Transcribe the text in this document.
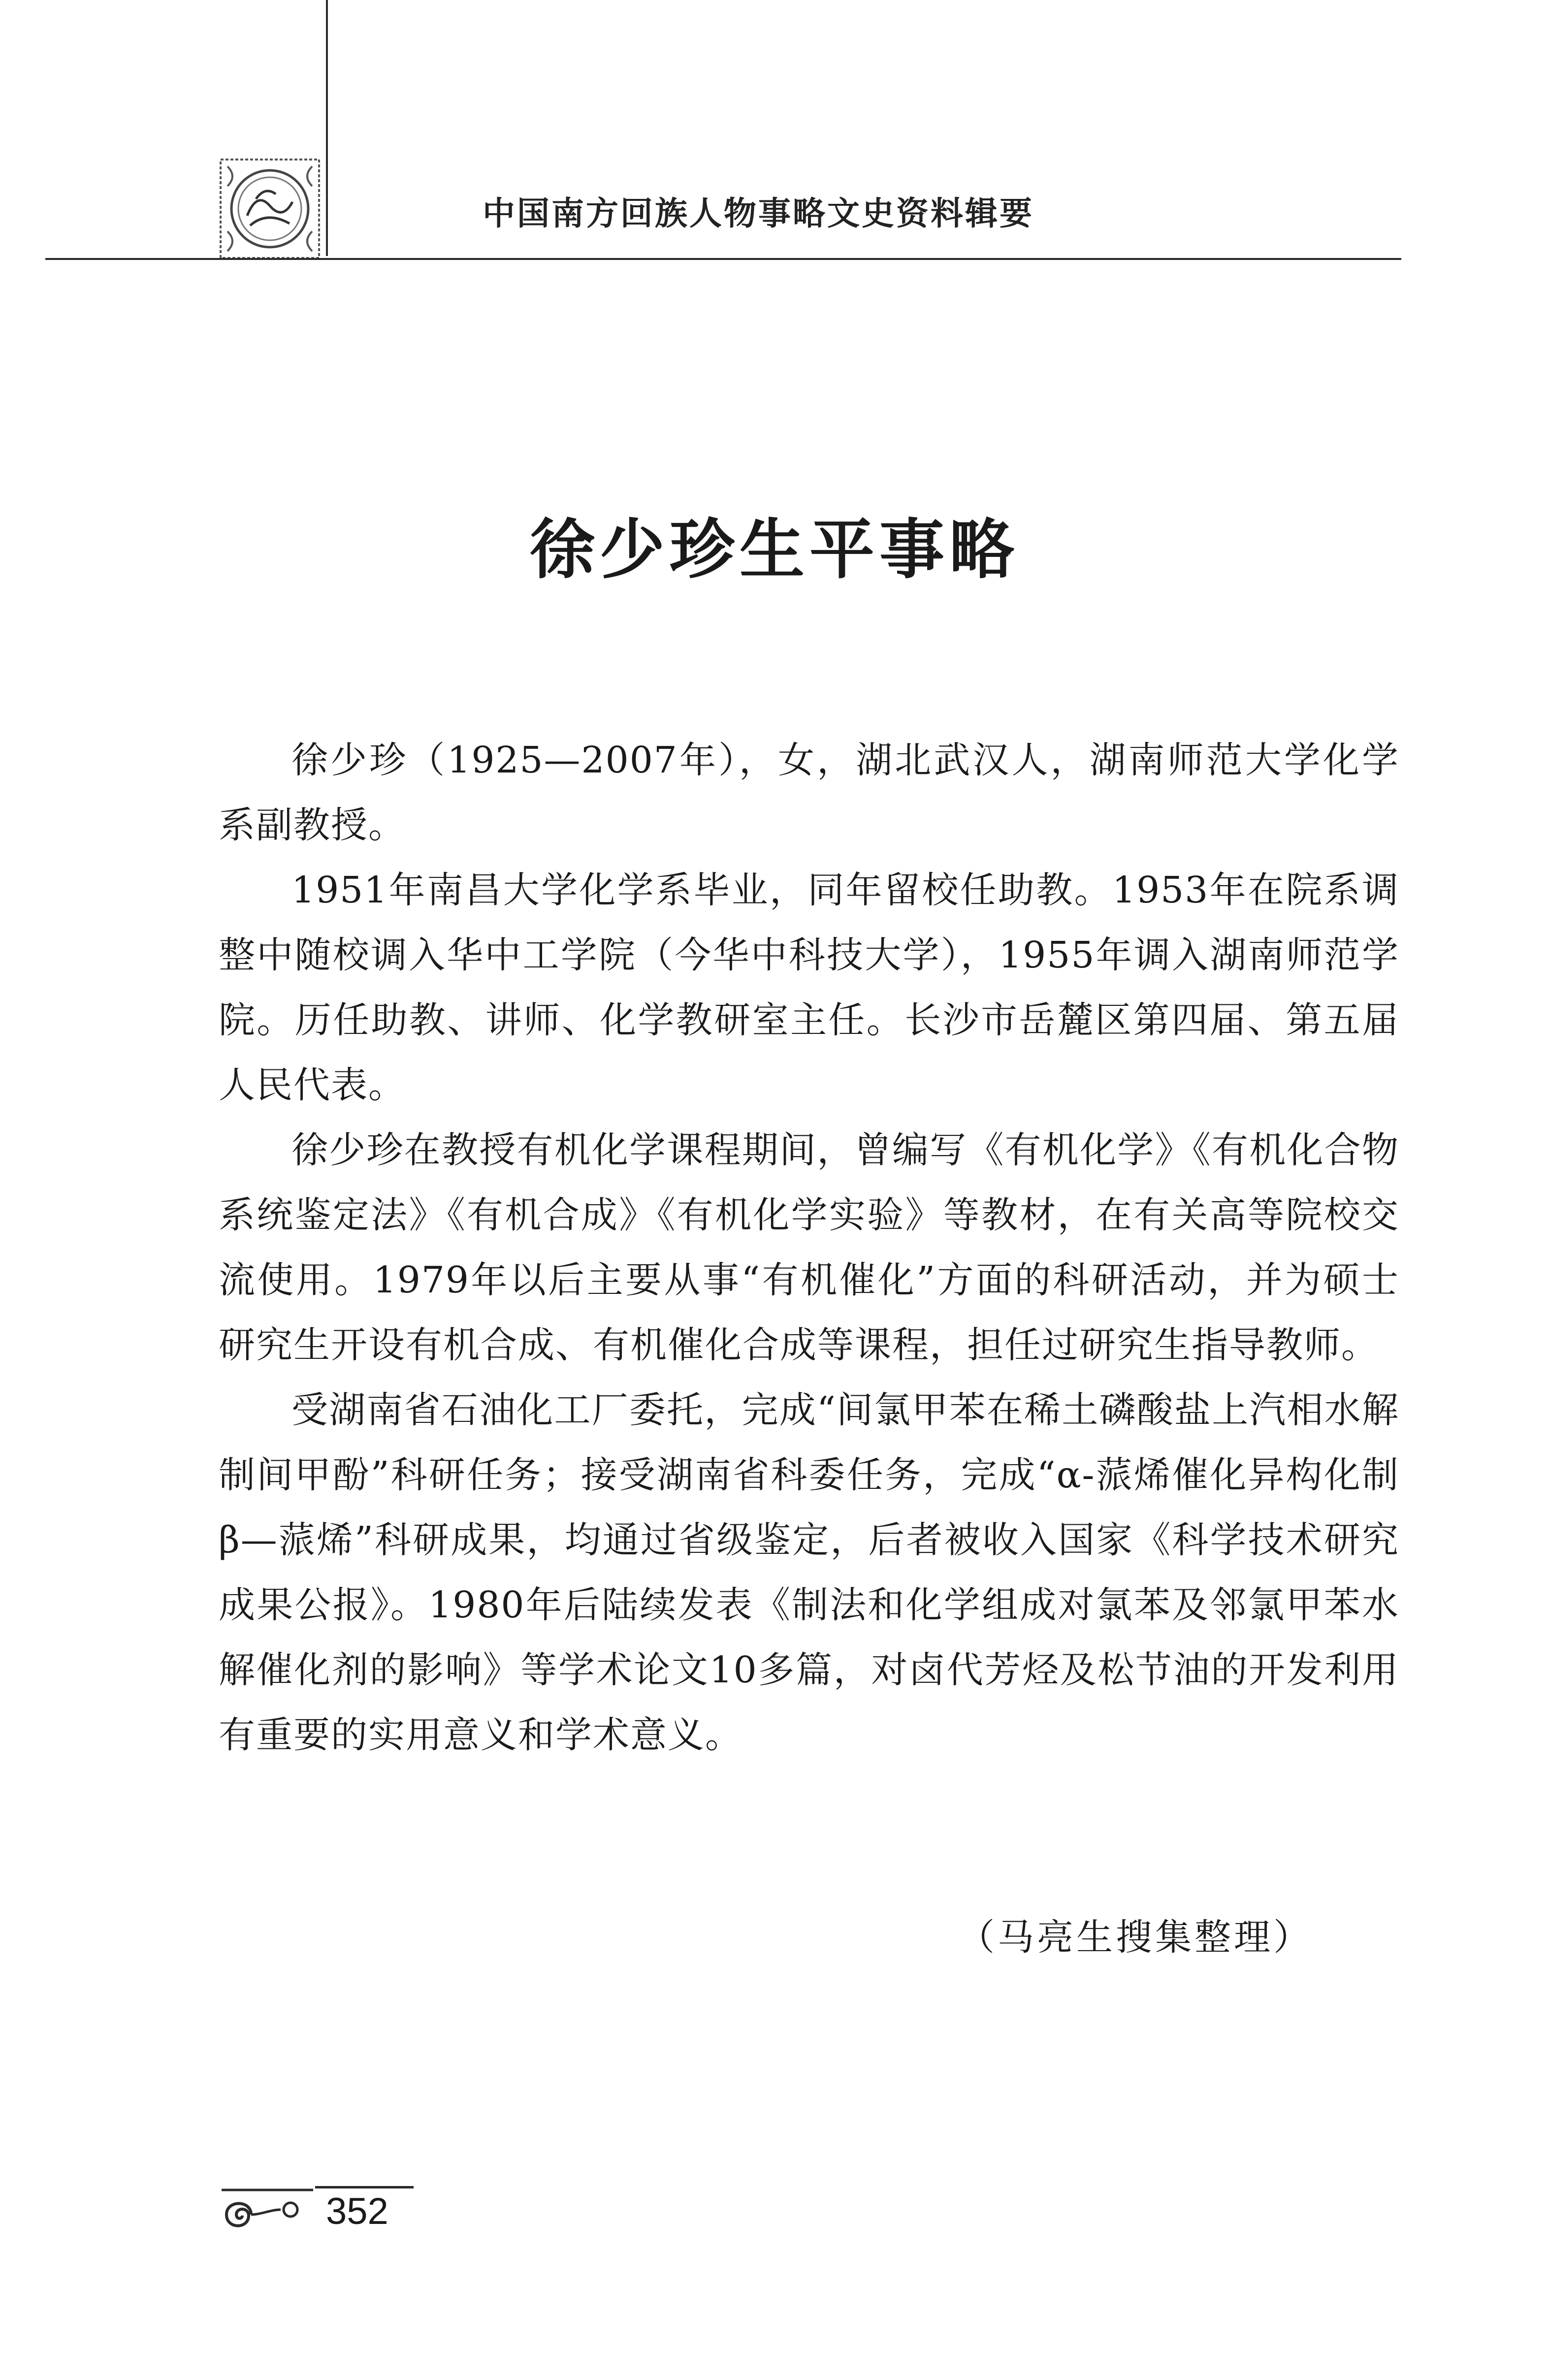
中国南方回族人物事略文史资料辑要
徐少珍生平事略

徐少珍（1925—2007年），女，湖北武汉人，湖南师范大学化学系副教授。

1951年南昌大学化学系毕业，同年留校任助教。1953年在院系调整中随校调入华中工学院（今华中科技大学），1955年调入湖南师范学院。历任助教、讲师、化学教研室主任。长沙市岳麓区第四届、第五届人民代表。

徐少珍在教授有机化学课程期间，曾编写《有机化学》《有机化合物系统鉴定法》《有机合成》《有机化学实验》等教材，在有关高等院校交流使用。1979年以后主要从事“有机催化”方面的科研活动，并为硕士研究生开设有机合成、有机催化合成等课程，担任过研究生指导教师。

受湖南省石油化工厂委托，完成“间氯甲苯在稀土磷酸盐上汽相水解制间甲酚”科研任务；接受湖南省科委任务，完成“α-蒎烯催化异构化制β—蒎烯”科研成果，均通过省级鉴定，后者被收入国家《科学技术研究成果公报》。1980年后陆续发表《制法和化学组成对氯苯及邻氯甲苯水解催化剂的影响》等学术论文10多篇，对卤代芳烃及松节油的开发利用有重要的实用意义和学术意义。

（马亮生搜集整理）
352
